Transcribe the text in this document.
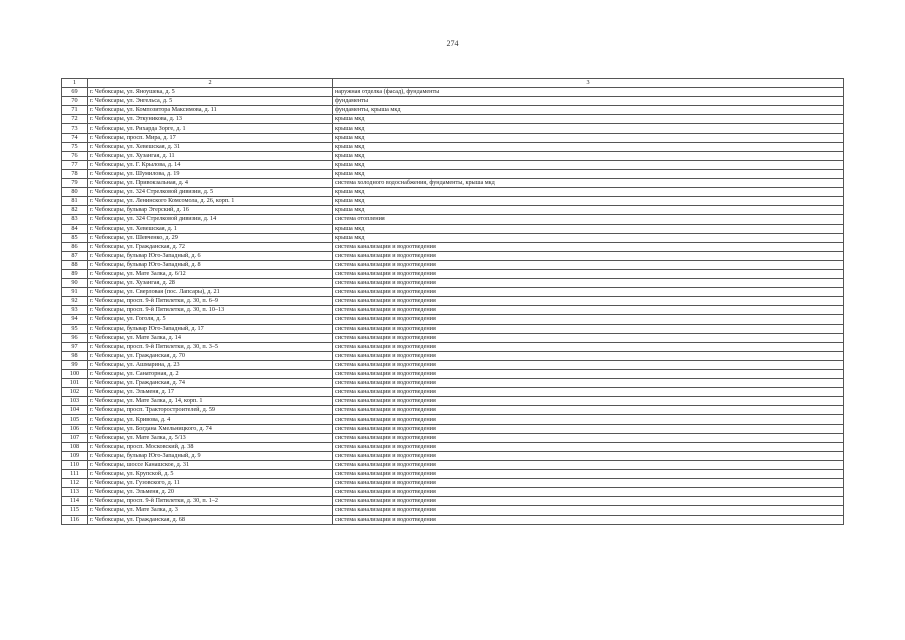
274
1	2	3
69	г. Чебоксары, ул. Яноушека, д. 5	наружная отделка (фасад), фундаменты
70	г. Чебоксары, ул. Энгельса, д. 5	фундаменты
71	г. Чебоксары, ул. Композитора Максимова, д. 11	фундаменты, крыша мкд
72	г. Чебоксары, ул. Эткуникова, д. 13	крыша мкд
73	г. Чебоксары, ул. Рихарда Зорге, д. 1	крыша мкд
74	г. Чебоксары, просп. Мира, д. 17	крыша мкд
75	г. Чебоксары, ул. Хевешская, д. 31	крыша мкд
76	г. Чебоксары, ул. Хузангая, д. 11	крыша мкд
77	г. Чебоксары, ул. Г. Крылова, д. 14	крыша мкд
78	г. Чебоксары, ул. Шумилова, д. 19	крыша мкд
79	г. Чебоксары, ул. Привокзальная, д. 4	система холодного водоснабжения, фундаменты, крыша мкд
80	г. Чебоксары, ул. 324 Стрелковой дивизии, д. 5	крыша мкд
81	г. Чебоксары, ул. Ленинского Комсомола, д. 26, корп. 1	крыша мкд
82	г. Чебоксары, бульвар Эгерский, д. 16	крыша мкд
83	г. Чебоксары, ул. 324 Стрелковой дивизии, д. 14	система отопления
84	г. Чебоксары, ул. Хевешская, д. 1	крыша мкд
85	г. Чебоксары, ул. Шевченко, д. 29	крыша мкд
86	г. Чебоксары, ул. Гражданская, д. 72	система канализации и водоотведения
87	г. Чебоксары, бульвар Юго-Западный, д. 6	система канализации и водоотведения
88	г. Чебоксары, бульвар Юго-Западный, д. 8	система канализации и водоотведения
89	г. Чебоксары, ул. Мате Залка, д. 6/12	система канализации и водоотведения
90	г. Чебоксары, ул. Хузангая, д. 28	система канализации и водоотведения
91	г. Чебоксары, ул. Сверловая (пос. Лапсары), д. 21	система канализации и водоотведения
92	г. Чебоксары, просп. 9-й Пятилетки, д. 30, п. 6–9	система канализации и водоотведения
93	г. Чебоксары, просп. 9-й Пятилетки, д. 30, п. 10–13	система канализации и водоотведения
94	г. Чебоксары, ул. Гоголя, д. 5	система канализации и водоотведения
95	г. Чебоксары, бульвар Юго-Западный, д. 17	система канализации и водоотведения
96	г. Чебоксары, ул. Мате Залка, д. 14	система канализации и водоотведения
97	г. Чебоксары, просп. 9-й Пятилетки, д. 30, п. 3–5	система канализации и водоотведения
98	г. Чебоксары, ул. Гражданская, д. 70	система канализации и водоотведения
99	г. Чебоксары, ул. Ашмарина, д. 23	система канализации и водоотведения
100	г. Чебоксары, ул. Санаторная, д. 2	система канализации и водоотведения
101	г. Чебоксары, ул. Гражданская, д. 74	система канализации и водоотведения
102	г. Чебоксары, ул. Эльменя, д. 17	система канализации и водоотведения
103	г. Чебоксары, ул. Мате Залка, д. 14, корп. 1	система канализации и водоотведения
104	г. Чебоксары, просп. Тракторостроителей, д. 59	система канализации и водоотведения
105	г. Чебоксары, ул. Кривова, д. 4	система канализации и водоотведения
106	г. Чебоксары, ул. Богдана Хмельницкого, д. 74	система канализации и водоотведения
107	г. Чебоксары, ул. Мате Залка, д. 5/13	система канализации и водоотведения
108	г. Чебоксары, просп. Московский, д. 38	система канализации и водоотведения
109	г. Чебоксары, бульвар Юго-Западный, д. 9	система канализации и водоотведения
110	г. Чебоксары, шоссе Канашское, д. 31	система канализации и водоотведения
111	г. Чебоксары, ул. Крупской, д. 5	система канализации и водоотведения
112	г. Чебоксары, ул. Гузовского, д. 11	система канализации и водоотведения
113	г. Чебоксары, ул. Эльменя, д. 20	система канализации и водоотведения
114	г. Чебоксары, просп. 9-й Пятилетки, д. 30, п. 1–2	система канализации и водоотведения
115	г. Чебоксары, ул. Мате Залка, д. 3	система канализации и водоотведения
116	г. Чебоксары, ул. Гражданская, д. 68	система канализации и водоотведения
